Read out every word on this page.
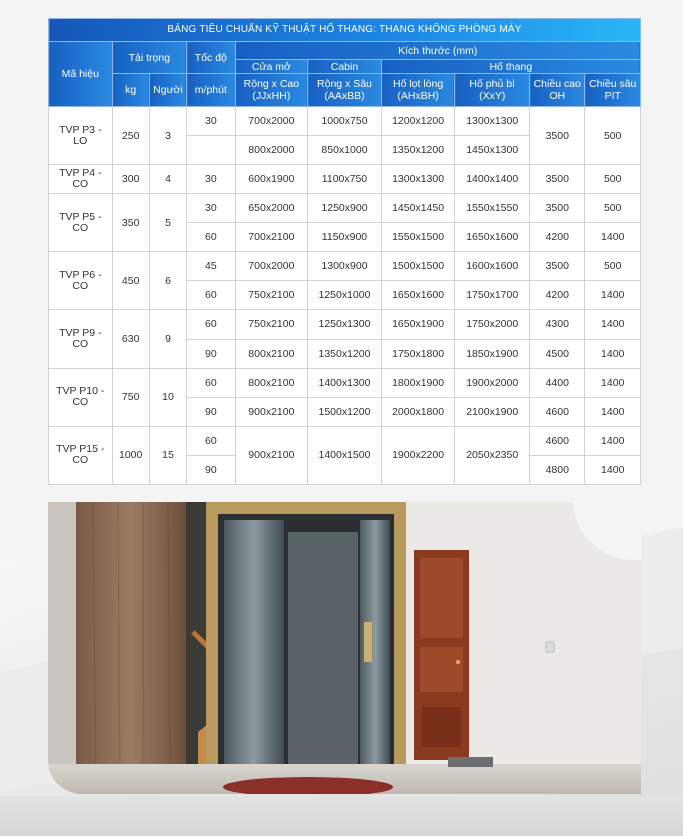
BẢNG TIÊU CHUẨN KỸ THUẬT HỐ THANG: THANG KHÔNG PHÒNG MÁY									
Mã hiệu	Tải trọng		Tốc độ	Kích thước (mm)					
				Cửa mở	Cabin	Hố thang			
	kg	Người	m/phút	Rộng x Cao (JJxHH)	Rộng x Sâu (AAxBB)	Hố lọt lòng (AHxBH)	Hố phủ bì (XxY)	Chiều cao OH	Chiều sâu PIT
TVP P3 - LO	250	3	30	700x2000	1000x750	1200x1200	1300x1300	3500	500
				800x2000	850x1000	1350x1200	1450x1300		
TVP P4 - CO	300	4	30	600x1900	1100x750	1300x1300	1400x1400	3500	500
TVP P5 - CO	350	5	30	650x2000	1250x900	1450x1450	1550x1550	3500	500
			60	700x2100	1150x900	1550x1500	1650x1600	4200	1400
TVP P6 - CO	450	6	45	700x2000	1300x900	1500x1500	1600x1600	3500	500
			60	750x2100	1250x1000	1650x1600	1750x1700	4200	1400
TVP P9 - CO	630	9	60	750x2100	1250x1300	1650x1900	1750x2000	4300	1400
			90	800x2100	1350x1200	1750x1800	1850x1900	4500	1400
TVP P10 - CO	750	10	60	800x2100	1400x1300	1800x1900	1900x2000	4400	1400
			90	900x2100	1500x1200	2000x1800	2100x1900	4600	1400
TVP P15 - CO	1000	15	60	900x2100	1400x1500	1900x2200	2050x2350	4600	1400
			90					4800	1400
